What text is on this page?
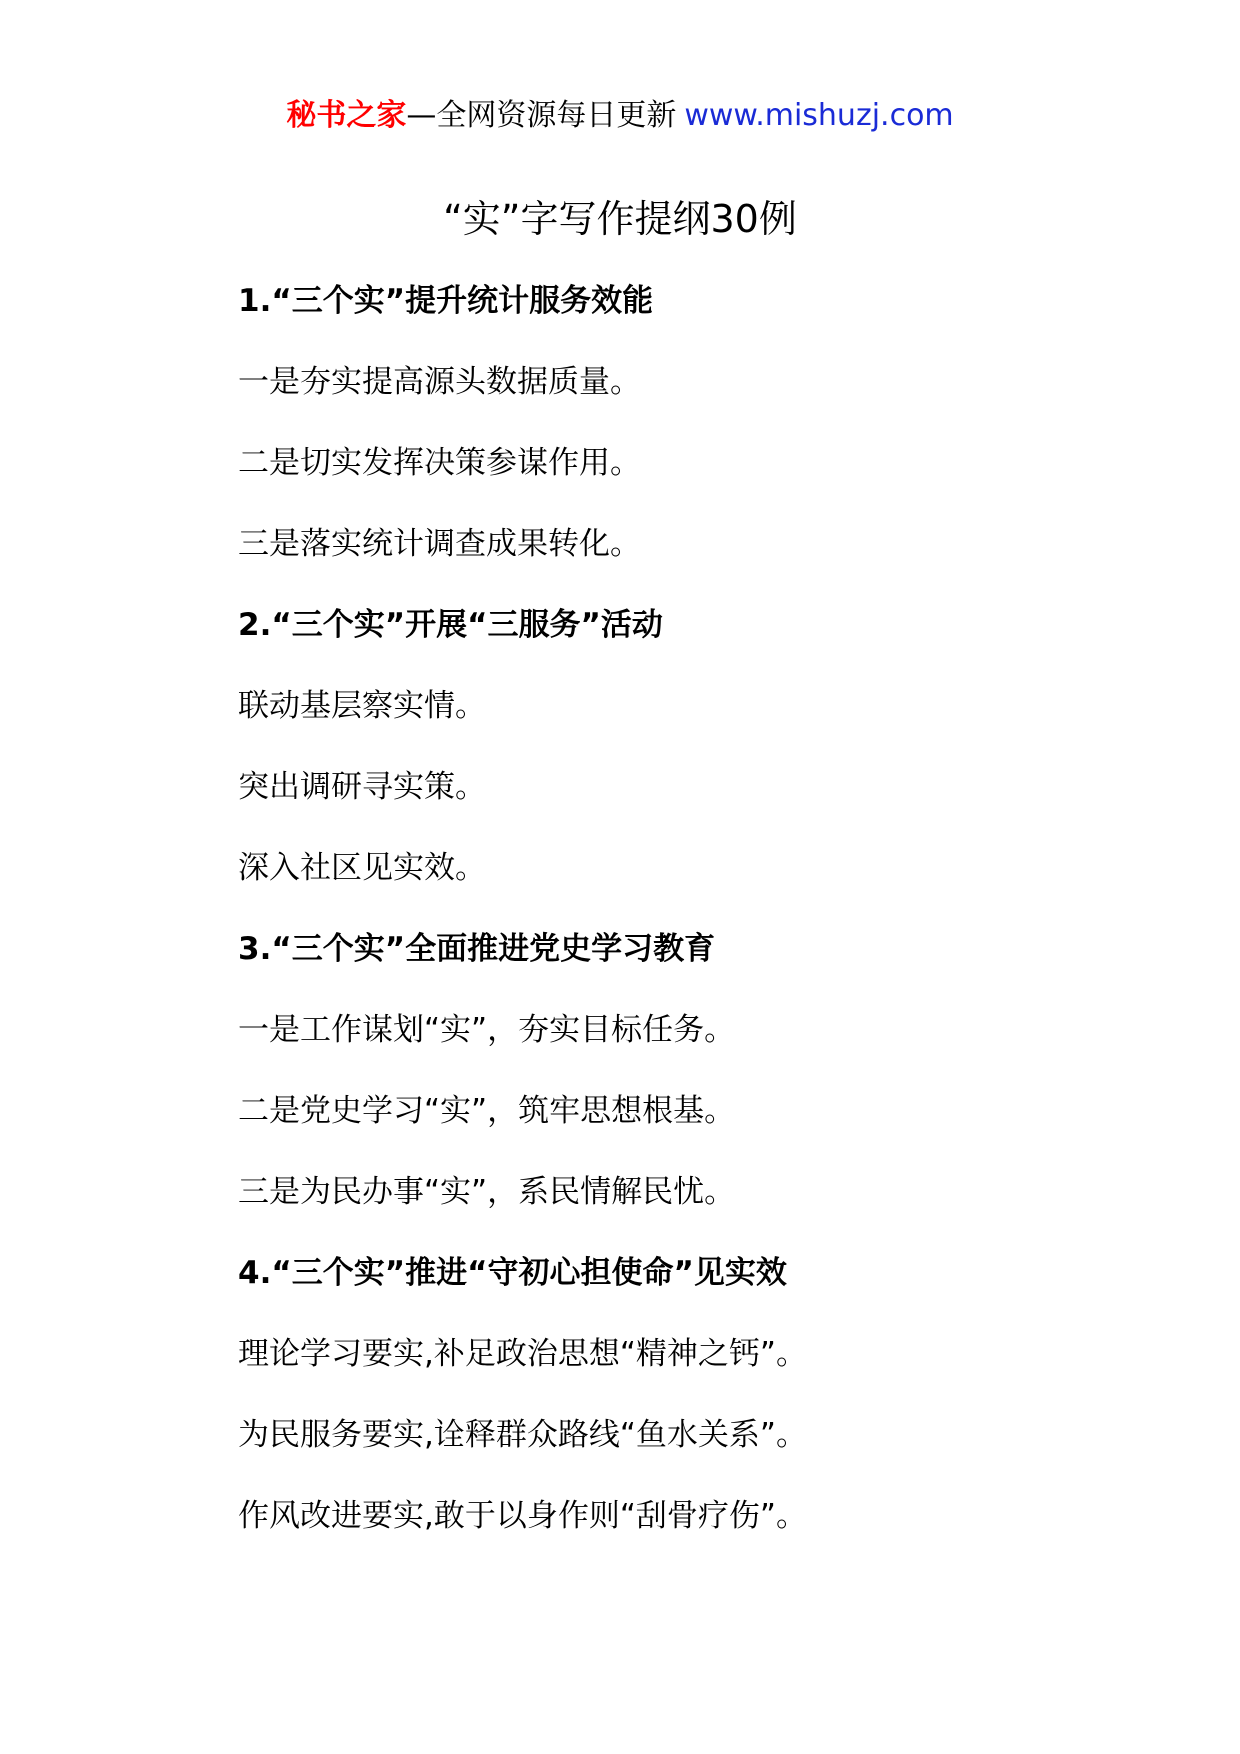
秘书之家—全网资源每日更新 www.mishuzj.com
“实”字写作提纲30例
1.“三个实”提升统计服务效能
一是夯实提高源头数据质量。
二是切实发挥决策参谋作用。
三是落实统计调查成果转化。
2.“三个实”开展“三服务”活动
联动基层察实情。
突出调研寻实策。
深入社区见实效。
3.“三个实”全面推进党史学习教育
一是工作谋划“实”，夯实目标任务。
二是党史学习“实”，筑牢思想根基。
三是为民办事“实”，系民情解民忧。
4.“三个实”推进“守初心担使命”见实效
理论学习要实,补足政治思想“精神之钙”。
为民服务要实,诠释群众路线“鱼水关系”。
作风改进要实,敢于以身作则“刮骨疗伤”。
